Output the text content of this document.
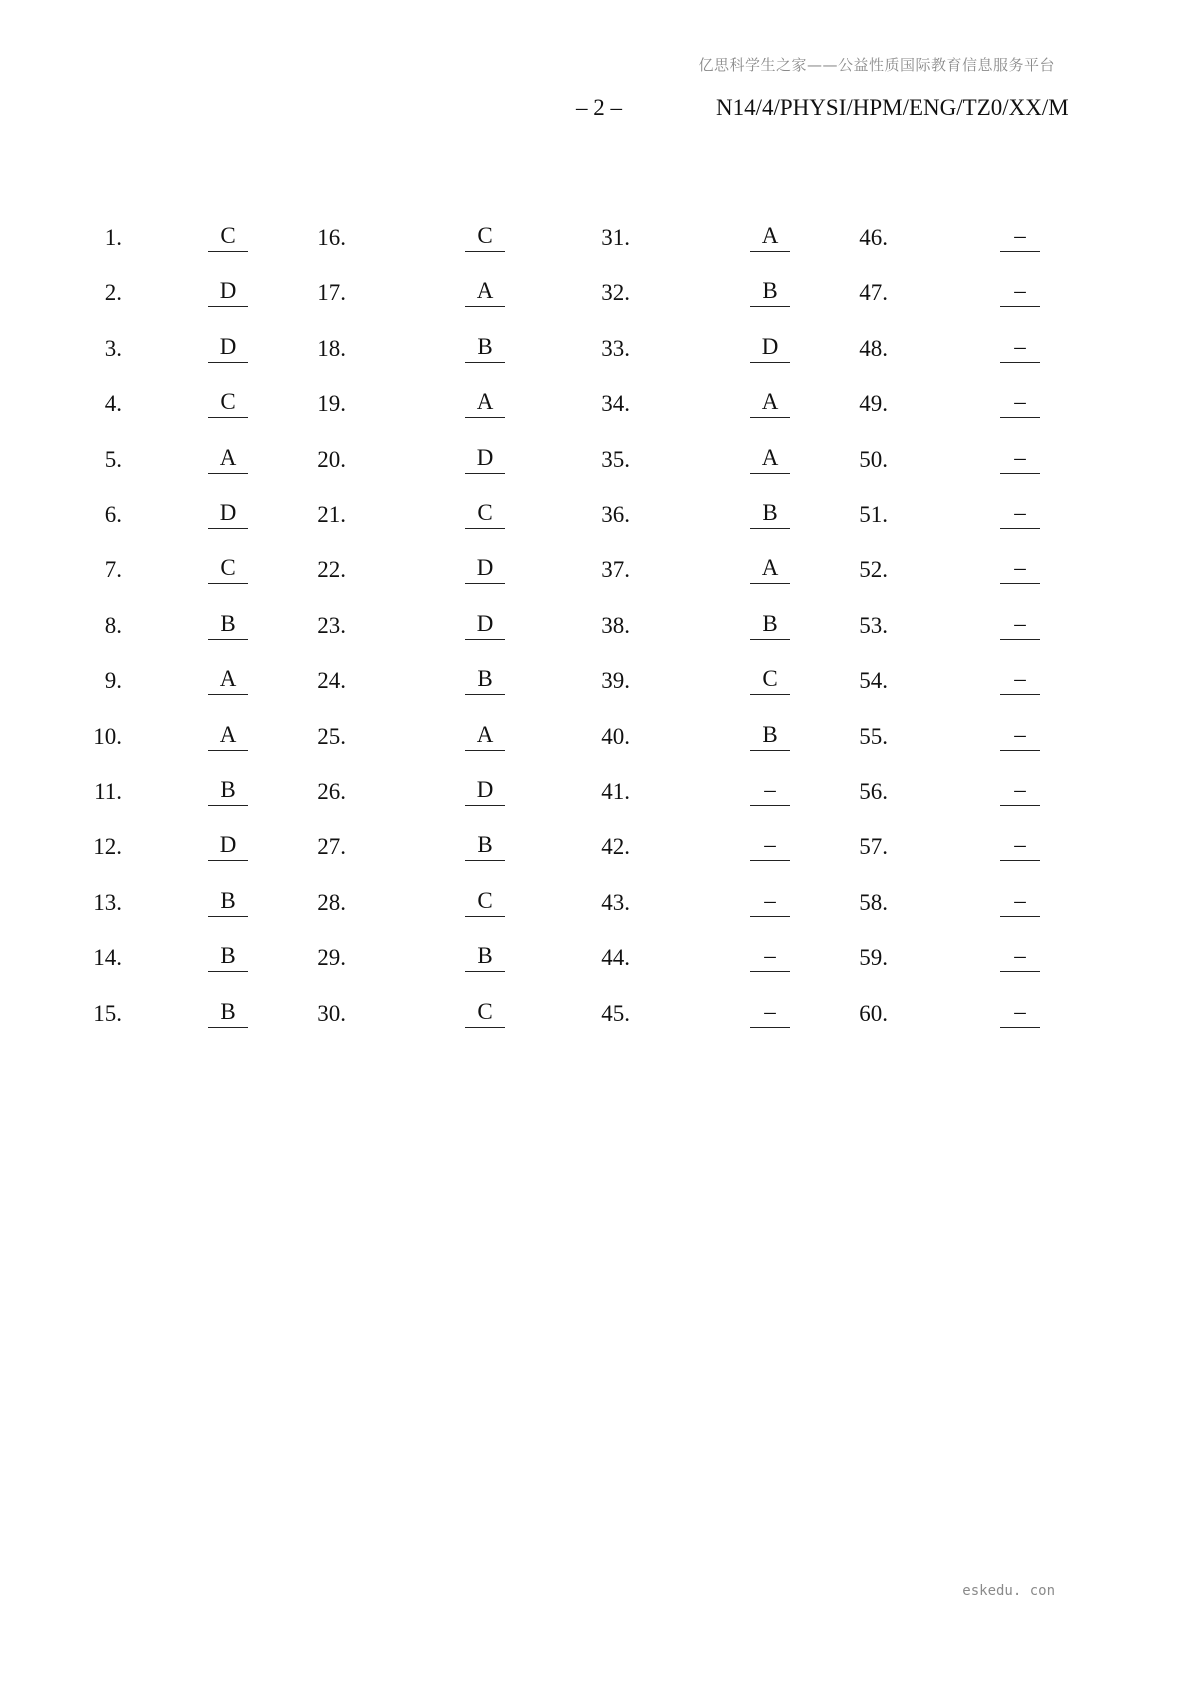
亿思科学生之家——公益性质国际教育信息服务平台
– 2 –	N14/4/PHYSI/HPM/ENG/TZ0/XX/M
1.	C	16.	C	31.	A	46.	–
2.	D	17.	A	32.	B	47.	–
3.	D	18.	B	33.	D	48.	–
4.	C	19.	A	34.	A	49.	–
5.	A	20.	D	35.	A	50.	–
6.	D	21.	C	36.	B	51.	–
7.	C	22.	D	37.	A	52.	–
8.	B	23.	D	38.	B	53.	–
9.	A	24.	B	39.	C	54.	–
10.	A	25.	A	40.	B	55.	–
11.	B	26.	D	41.	–	56.	–
12.	D	27.	B	42.	–	57.	–
13.	B	28.	C	43.	–	58.	–
14.	B	29.	B	44.	–	59.	–
15.	B	30.	C	45.	–	60.	–
eskedu. con
